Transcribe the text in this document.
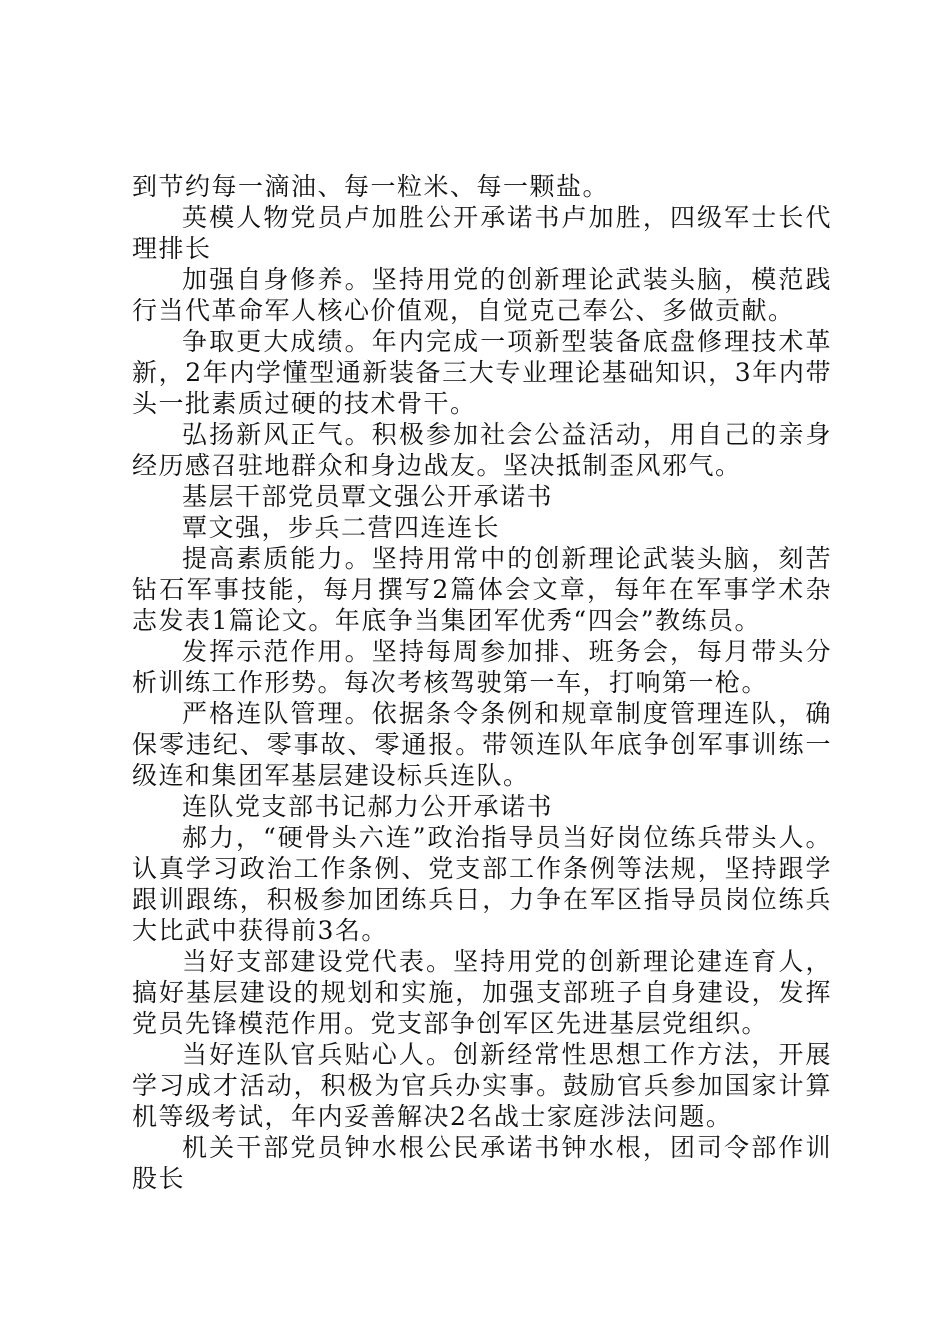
到节约每一滴油、每一粒米、每一颗盐。

英模人物党员卢加胜公开承诺书卢加胜，四级军士长代理排长

加强自身修养。坚持用党的创新理论武装头脑，模范践行当代革命军人核心价值观，自觉克己奉公、多做贡献。

争取更大成绩。年内完成一项新型装备底盘修理技术革新，2年内学懂型通新装备三大专业理论基础知识，3年内带头一批素质过硬的技术骨干。

弘扬新风正气。积极参加社会公益活动，用自己的亲身经历感召驻地群众和身边战友。坚决抵制歪风邪气。

基层干部党员覃文强公开承诺书

覃文强，步兵二营四连连长

提高素质能力。坚持用常中的创新理论武装头脑，刻苦钻石军事技能，每月撰写2篇体会文章，每年在军事学术杂志发表1篇论文。年底争当集团军优秀“四会”教练员。

发挥示范作用。坚持每周参加排、班务会，每月带头分析训练工作形势。每次考核驾驶第一车，打响第一枪。

严格连队管理。依据条令条例和规章制度管理连队，确保零违纪、零事故、零通报。带领连队年底争创军事训练一级连和集团军基层建设标兵连队。

连队党支部书记郝力公开承诺书

郝力，“硬骨头六连”政治指导员当好岗位练兵带头人。认真学习政治工作条例、党支部工作条例等法规，坚持跟学跟训跟练，积极参加团练兵日，力争在军区指导员岗位练兵大比武中获得前3名。

当好支部建设党代表。坚持用党的创新理论建连育人，搞好基层建设的规划和实施，加强支部班子自身建设，发挥党员先锋模范作用。党支部争创军区先进基层党组织。

当好连队官兵贴心人。创新经常性思想工作方法，开展学习成才活动，积极为官兵办实事。鼓励官兵参加国家计算机等级考试，年内妥善解决2名战士家庭涉法问题。

机关干部党员钟水根公民承诺书钟水根，团司令部作训股长
